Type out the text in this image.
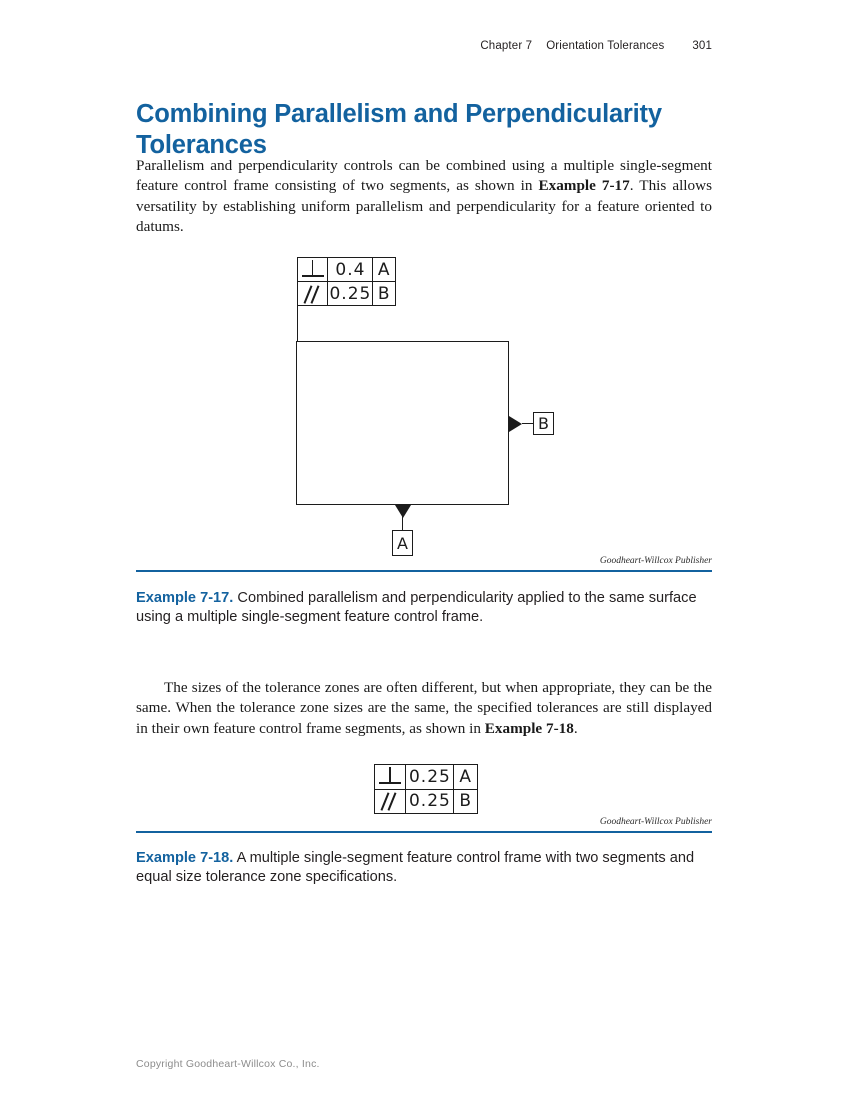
Chapter 7 Orientation Tolerances 301
Combining Parallelism and Perpendicularity Tolerances

Parallelism and perpendicularity controls can be combined using a multiple single-segment feature control frame consisting of two segments, as shown in Example 7-17. This allows versatility by establishing uniform parallelism and perpendicularity for a feature oriented to datums.

0.4 A
0.25 B
B
A
Goodheart-Willcox Publisher

Example 7-17. Combined parallelism and perpendicularity applied to the same surface using a multiple single-segment feature control frame.

The sizes of the tolerance zones are often different, but when appropriate, they can be the same. When the tolerance zone sizes are the same, the specified tolerances are still displayed in their own feature control frame segments, as shown in Example 7-18.

0.25 A
0.25 B
Goodheart-Willcox Publisher

Example 7-18. A multiple single-segment feature control frame with two segments and equal size tolerance zone specifications.

Copyright Goodheart-Willcox Co., Inc.
